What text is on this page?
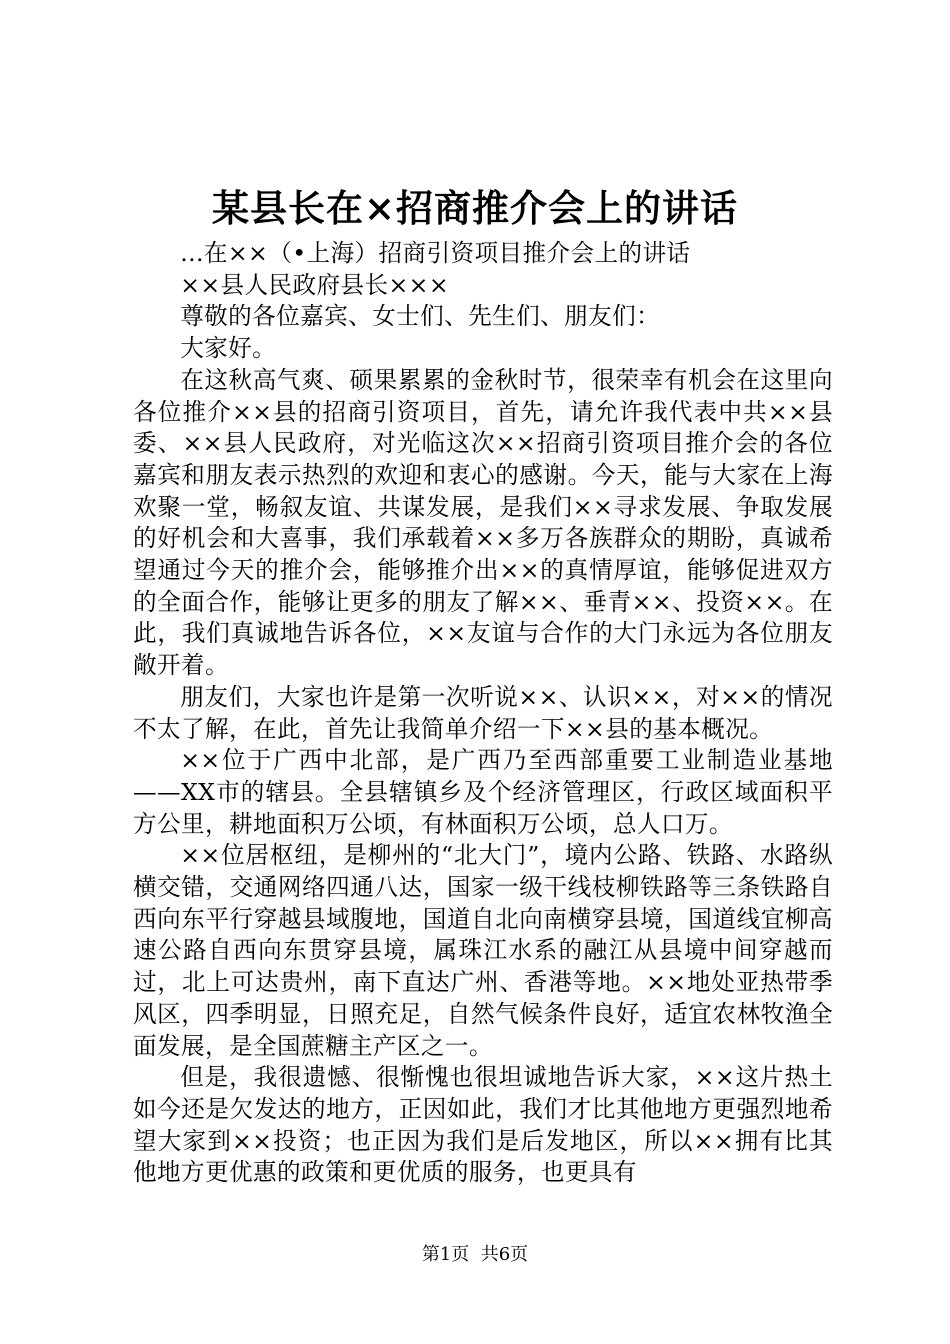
某县长在×招商推介会上的讲话

...在××（•上海）招商引资项目推介会上的讲话

××县人民政府县长×××

尊敬的各位嘉宾、女士们、先生们、朋友们：

大家好。

在这秋高气爽、硕果累累的金秋时节，很荣幸有机会在这里向各位推介××县的招商引资项目，首先，请允许我代表中共××县委、××县人民政府，对光临这次××招商引资项目推介会的各位嘉宾和朋友表示热烈的欢迎和衷心的感谢。今天，能与大家在上海欢聚一堂，畅叙友谊、共谋发展，是我们××寻求发展、争取发展的好机会和大喜事，我们承载着××多万各族群众的期盼，真诚希望通过今天的推介会，能够推介出××的真情厚谊，能够促进双方的全面合作，能够让更多的朋友了解××、垂青××、投资××。在此，我们真诚地告诉各位，××友谊与合作的大门永远为各位朋友敞开着。

朋友们，大家也许是第一次听说××、认识××，对××的情况不太了解，在此，首先让我简单介绍一下××县的基本概况。

××位于广西中北部，是广西乃至西部重要工业制造业基地——XX市的辖县。全县辖镇乡及个经济管理区，行政区域面积平方公里，耕地面积万公顷，有林面积万公顷，总人口万。

××位居枢纽，是柳州的“北大门”，境内公路、铁路、水路纵横交错，交通网络四通八达，国家一级干线枝柳铁路等三条铁路自西向东平行穿越县域腹地，国道自北向南横穿县境，国道线宜柳高速公路自西向东贯穿县境，属珠江水系的融江从县境中间穿越而过，北上可达贵州，南下直达广州、香港等地。××地处亚热带季风区，四季明显，日照充足，自然气候条件良好，适宜农林牧渔全面发展，是全国蔗糖主产区之一。

但是，我很遗憾、很惭愧也很坦诚地告诉大家，××这片热土如今还是欠发达的地方，正因如此，我们才比其他地方更强烈地希望大家到××投资；也正因为我们是后发地区，所以××拥有比其他地方更优惠的政策和更优质的服务，也更具有

第1页 共6页
